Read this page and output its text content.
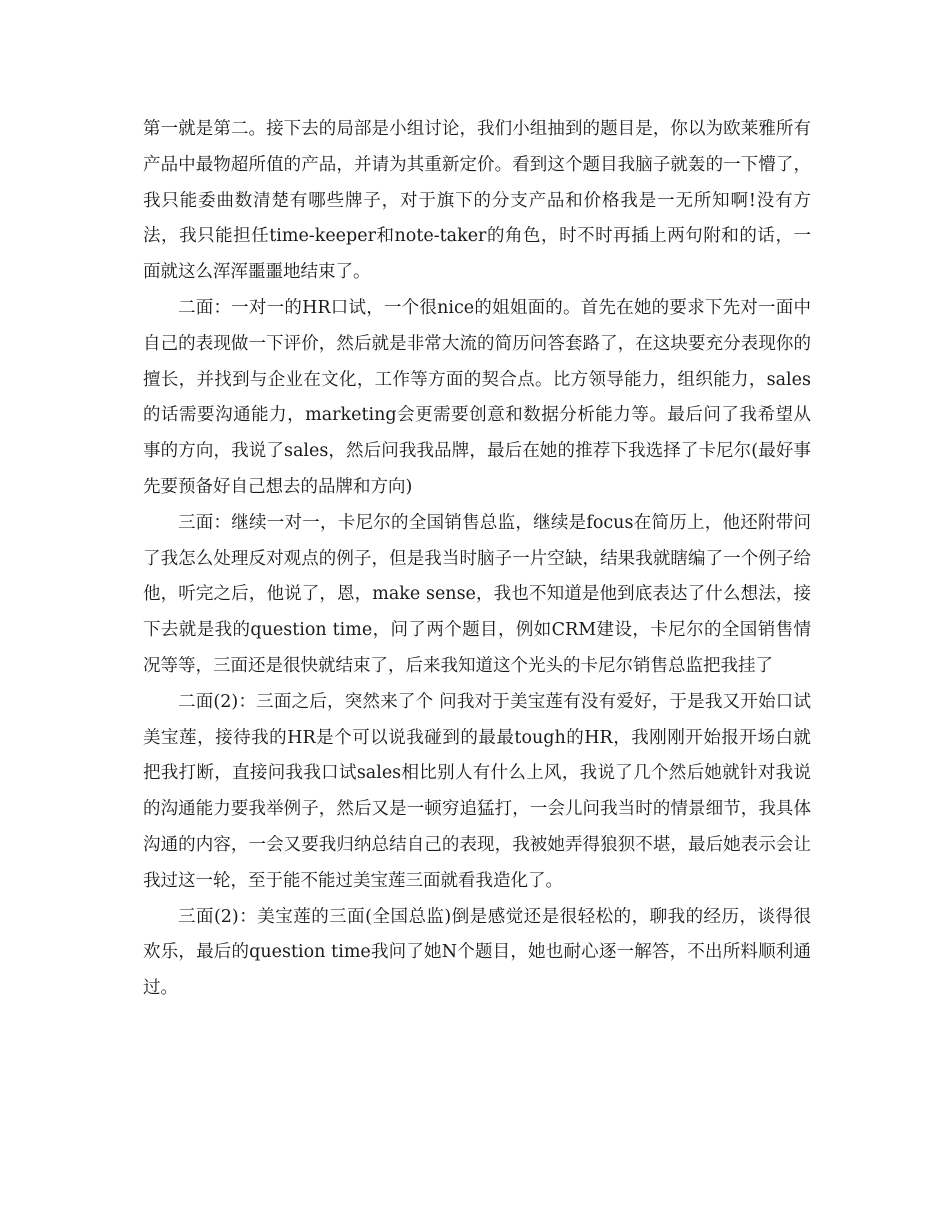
第一就是第二。接下去的局部是小组讨论，我们小组抽到的题目是，你以为欧莱雅所有产品中最物超所值的产品，并请为其重新定价。看到这个题目我脑子就轰的一下懵了，我只能委曲数清楚有哪些牌子，对于旗下的分支产品和价格我是一无所知啊!没有方法，我只能担任time-keeper和note-taker的角色，时不时再插上两句附和的话，一面就这么浑浑噩噩地结束了。

二面：一对一的HR口试，一个很nice的姐姐面的。首先在她的要求下先对一面中自己的表现做一下评价，然后就是非常大流的简历问答套路了，在这块要充分表现你的擅长，并找到与企业在文化，工作等方面的契合点。比方领导能力，组织能力，sales的话需要沟通能力，marketing会更需要创意和数据分析能力等。最后问了我希望从事的方向，我说了sales，然后问我我品牌，最后在她的推荐下我选择了卡尼尔(最好事先要预备好自己想去的品牌和方向)

三面：继续一对一，卡尼尔的全国销售总监，继续是focus在简历上，他还附带问了我怎么处理反对观点的例子，但是我当时脑子一片空缺，结果我就瞎编了一个例子给他，听完之后，他说了，恩，make sense，我也不知道是他到底表达了什么想法，接下去就是我的question time，问了两个题目，例如CRM建设，卡尼尔的全国销售情况等等，三面还是很快就结束了，后来我知道这个光头的卡尼尔销售总监把我挂了

二面(2)：三面之后，突然来了个 问我对于美宝莲有没有爱好，于是我又开始口试美宝莲，接待我的HR是个可以说我碰到的最最tough的HR，我刚刚开始报开场白就把我打断，直接问我我口试sales相比别人有什么上风，我说了几个然后她就针对我说的沟通能力要我举例子，然后又是一顿穷追猛打，一会儿问我当时的情景细节，我具体沟通的内容，一会又要我归纳总结自己的表现，我被她弄得狼狈不堪，最后她表示会让我过这一轮，至于能不能过美宝莲三面就看我造化了。

三面(2)：美宝莲的三面(全国总监)倒是感觉还是很轻松的，聊我的经历，谈得很欢乐，最后的question time我问了她N个题目，她也耐心逐一解答，不出所料顺利通过。
